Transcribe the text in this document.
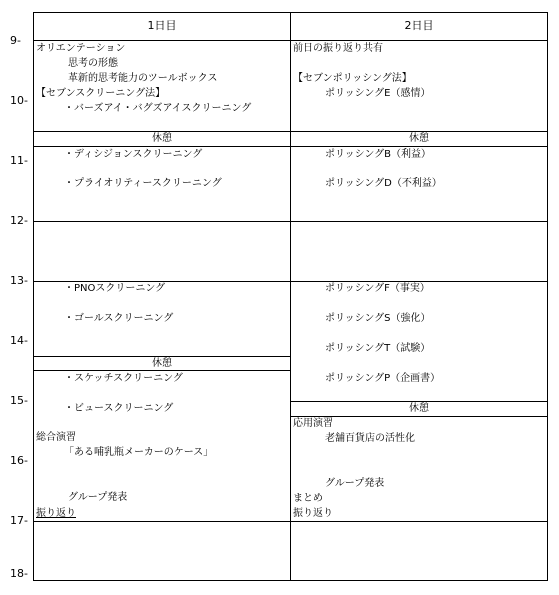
9 -
10 -
11 -
12 -
13 -
14 -
15 -
16 -
17 -
18 -
1日目	2日目
オリエンテーション
思考の形態
革新的思考能力のツールボックス
【セブンスクリーニング法】
・バーズアイ・バグズアイスクリーニング
休憩
・ディシジョンスクリーニング
・プライオリティースクリーニング
・PNOスクリーニング
・ゴールスクリーニング
休憩
・スケッチスクリーニング
・ビュースクリーニング
総合演習
「ある哺乳瓶メーカーのケース」
グループ発表
振り返り
前日の振り返り共有
【セブンポリッシング法】
ポリッシングE（感情）
休憩
ポリッシングB（利益）
ポリッシングD（不利益）
ポリッシングF（事実）
ポリッシングS（強化）
ポリッシングT（試験）
ポリッシングP（企画書）
休憩
応用演習
老舗百貨店の活性化
グループ発表
まとめ
振り返り
